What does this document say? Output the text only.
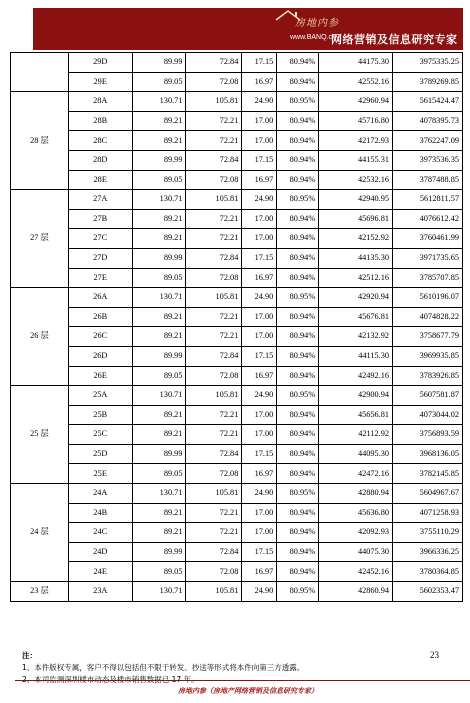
房地内参
www.BANQ.cn
网络营销及信息研究专家
	29D	89.99	72.84	17.15	80.94%	44175.30	3975335.25
	29E	89.05	72.08	16.97	80.94%	42552.16	3789269.85
28 层	28A	130.71	105.81	24.90	80.95%	42960.94	5615424.47
	28B	89.21	72.21	17.00	80.94%	45716.80	4078395.73
	28C	89.21	72.21	17.00	80.94%	42172.93	3762247.09
	28D	89.99	72.84	17.15	80.94%	44155.31	3973536.35
	28E	89.05	72.08	16.97	80.94%	42532.16	3787488.85
27 层	27A	130.71	105.81	24.90	80.95%	42940.95	5612811.57
	27B	89.21	72.21	17.00	80.94%	45696.81	4076612.42
	27C	89.21	72.21	17.00	80.94%	42152.92	3760461.99
	27D	89.99	72.84	17.15	80.94%	44135.30	3971735.65
	27E	89.05	72.08	16.97	80.94%	42512.16	3785707.85
26 层	26A	130.71	105.81	24.90	80.95%	42920.94	5610196.07
	26B	89.21	72.21	17.00	80.94%	45676.81	4074828.22
	26C	89.21	72.21	17.00	80.94%	42132.92	3758677.79
	26D	89.99	72.84	17.15	80.94%	44115.30	3969935.85
	26E	89.05	72.08	16.97	80.94%	42492.16	3783926.85
25 层	25A	130.71	105.81	24.90	80.95%	42900.94	5607581.87
	25B	89.21	72.21	17.00	80.94%	45656.81	4073044.02
	25C	89.21	72.21	17.00	80.94%	42112.92	3756893.59
	25D	89.99	72.84	17.15	80.94%	44095.30	3968136.05
	25E	89.05	72.08	16.97	80.94%	42472.16	3782145.85
24 层	24A	130.71	105.81	24.90	80.95%	42880.94	5604967.67
	24B	89.21	72.21	17.00	80.94%	45636.80	4071258.93
	24C	89.21	72.21	17.00	80.94%	42092.93	3755110.29
	24D	89.99	72.84	17.15	80.94%	44075.30	3966336.25
	24E	89.05	72.08	16.97	80.94%	42452.16	3780364.85
23 层	23A	130.71	105.81	24.90	80.95%	42860.94	5602353.47
注：
1、本件版权专属，客户不得以包括但不限于转发、抄送等形式将本件向第三方透露。
23
房地内参（房地产网络营销及信息研究专家）
